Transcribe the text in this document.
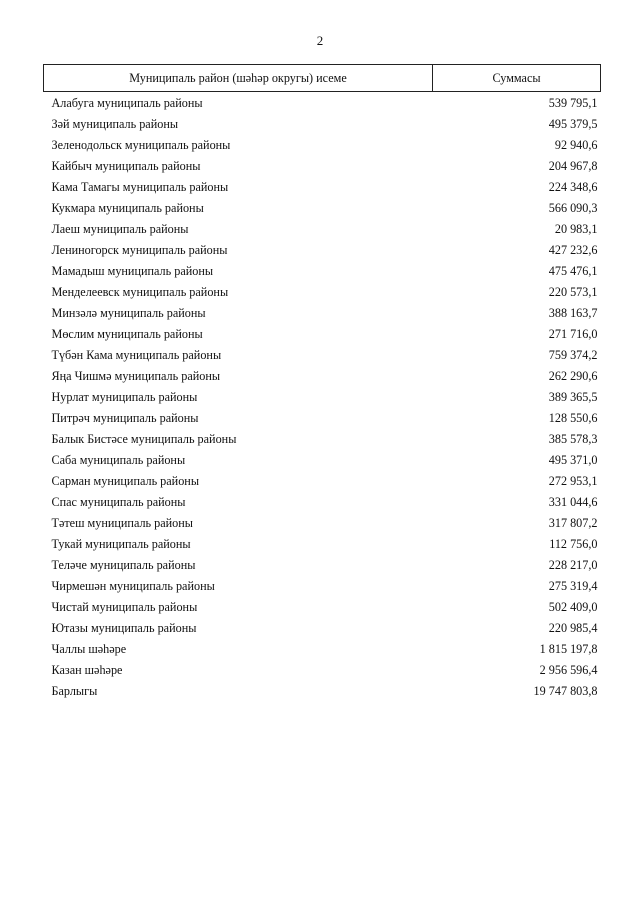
2
Муниципаль район (шәһәр округы) исеме	Суммасы
Алабуга муниципаль районы	539 795,1
Зәй муниципаль районы	495 379,5
Зеленодольск муниципаль районы	92 940,6
Кайбыч муниципаль районы	204 967,8
Кама Тамагы муниципаль районы	224 348,6
Кукмара муниципаль районы	566 090,3
Лаеш муниципаль районы	20 983,1
Лениногорск муниципаль районы	427 232,6
Мамадыш муниципаль районы	475 476,1
Менделеевск муниципаль районы	220 573,1
Минзәлә муниципаль районы	388 163,7
Мөслим муниципаль районы	271 716,0
Түбән Кама муниципаль районы	759 374,2
Яңа Чишмә муниципаль районы	262 290,6
Нурлат муниципаль районы	389 365,5
Питрәч муниципаль районы	128 550,6
Балык Бистәсе муниципаль районы	385 578,3
Саба муниципаль районы	495 371,0
Сарман муниципаль районы	272 953,1
Спас муниципаль районы	331 044,6
Тәтеш муниципаль районы	317 807,2
Тукай муниципаль районы	112 756,0
Теләче муниципаль районы	228 217,0
Чирмешән муниципаль районы	275 319,4
Чистай муниципаль районы	502 409,0
Ютазы муниципаль районы	220 985,4
Чаллы шәһәре	1 815 197,8
Казан шәһәре	2 956 596,4
Барлыгы	19 747 803,8
